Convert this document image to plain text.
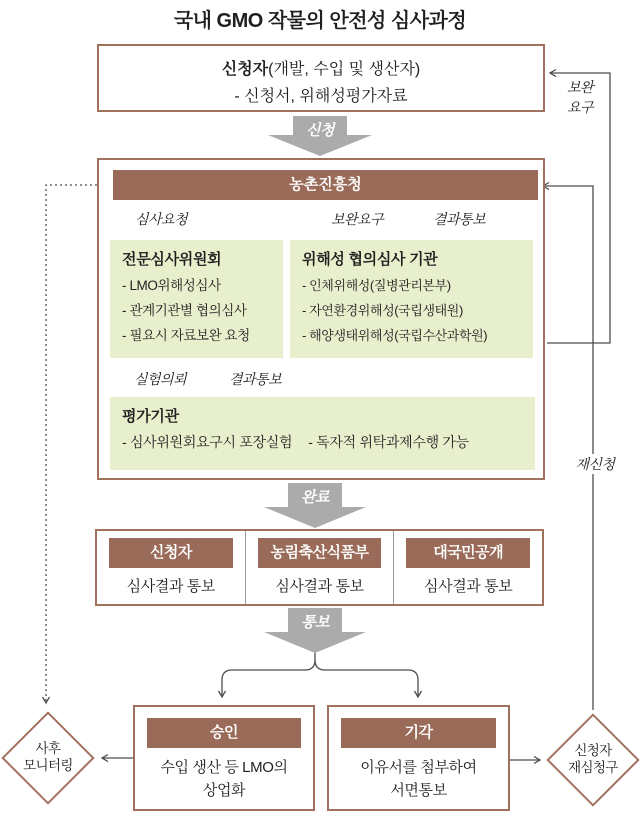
국내 GMO 작물의 안전성 심사과정
신청자(개발, 수입 및 생산자)
- 신청서, 위해성평가자료
신청
완료
통보
보완
요구
농촌진흥청
심사요청	보완요구	결과통보
전문심사위원회
- LMO위해성심사
- 관계기관별 협의심사
- 필요시 자료보완 요청
위해성 협의심사 기관
- 인체위해성(질병관리본부)
- 자연환경위해성(국립생태원)
- 해양생태위해성(국립수산과학원)
실험의뢰	결과통보
평가기관
- 심사위원회요구시 포장실험 - 독자적 위탁과제수행 가능
신청자
심사결과 통보
농림축산식품부
심사결과 통보
대국민공개
심사결과 통보
승인
수입 생산 등 LMO의
상업화
기각
이유서를 첨부하여
서면통보
재신청
사후
모니터링
신청자
재심청구
